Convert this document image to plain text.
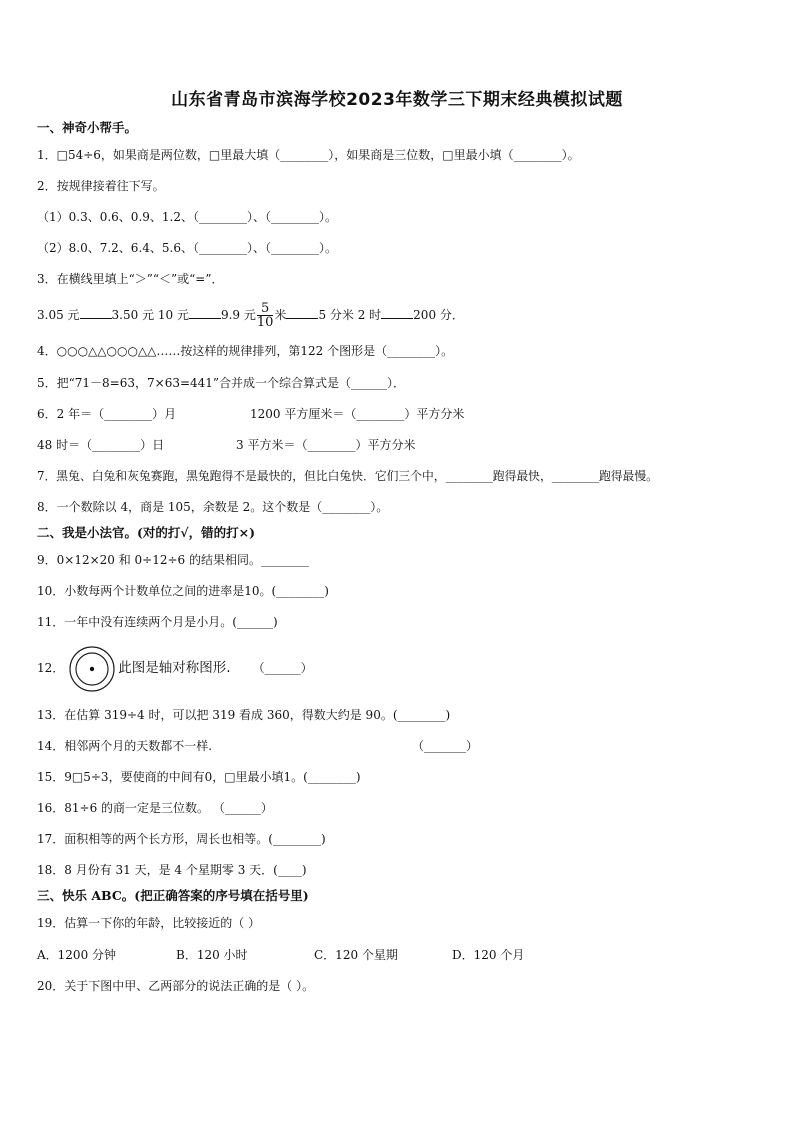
山东省青岛市滨海学校2023年数学三下期末经典模拟试题
一、神奇小帮手。
1．□54÷6，如果商是两位数，□里最大填（________），如果商是三位数，□里最小填（________）。
2．按规律接着往下写。
（1）0.3、0.6、0.9、1.2、（________）、（________）。
（2）8.0、7.2、6.4、5.6、（________）、（________）。
3．在横线里填上“＞”“＜”或“=”．
3.05 元	3.50 元 10 元	9.9 元 $\frac{5}{10}$ 米	5 分米 2 时	200 分．
4．○○○△△○○○△△……按这样的规律排列，第122 个图形是（________）。
5．把“71－8=63，7×63=441”合并成一个综合算式是（______）．
6．2 年＝（________）月	1200 平方厘米＝（________）平方分米
48 时＝（________）日	3 平方米＝（________）平方分米
7．黑兔、白兔和灰兔赛跑，黑兔跑得不是最快的，但比白兔快．它们三个中，________跑得最快，________跑得最慢。
8．一个数除以 4，商是 105，余数是 2。这个数是（________）。
二、我是小法官。(对的打√，错的打×)
9．0×12×20 和 0÷12÷6 的结果相同。________
10．小数每两个计数单位之间的进率是10。(________)
11．一年中没有连续两个月是小月。(______)
12．	此图是轴对称图形. （______）
13．在估算 319÷4 时，可以把 319 看成 360，得数大约是 90。(________)
14．相邻两个月的天数都不一样.	（_______）
15．9□5÷3，要使商的中间有0，□里最小填1。(________)
16．81÷6 的商一定是三位数。 （______）
17．面积相等的两个长方形，周长也相等。(________)
18．8 月份有 31 天，是 4 个星期零 3 天．(____)
三、快乐 ABC。(把正确答案的序号填在括号里)
19．估算一下你的年龄，比较接近的（ ）
A．1200 分钟	B．120 小时	C．120 个星期	D．120 个月
20．关于下图中甲、乙两部分的说法正确的是（ ）。
